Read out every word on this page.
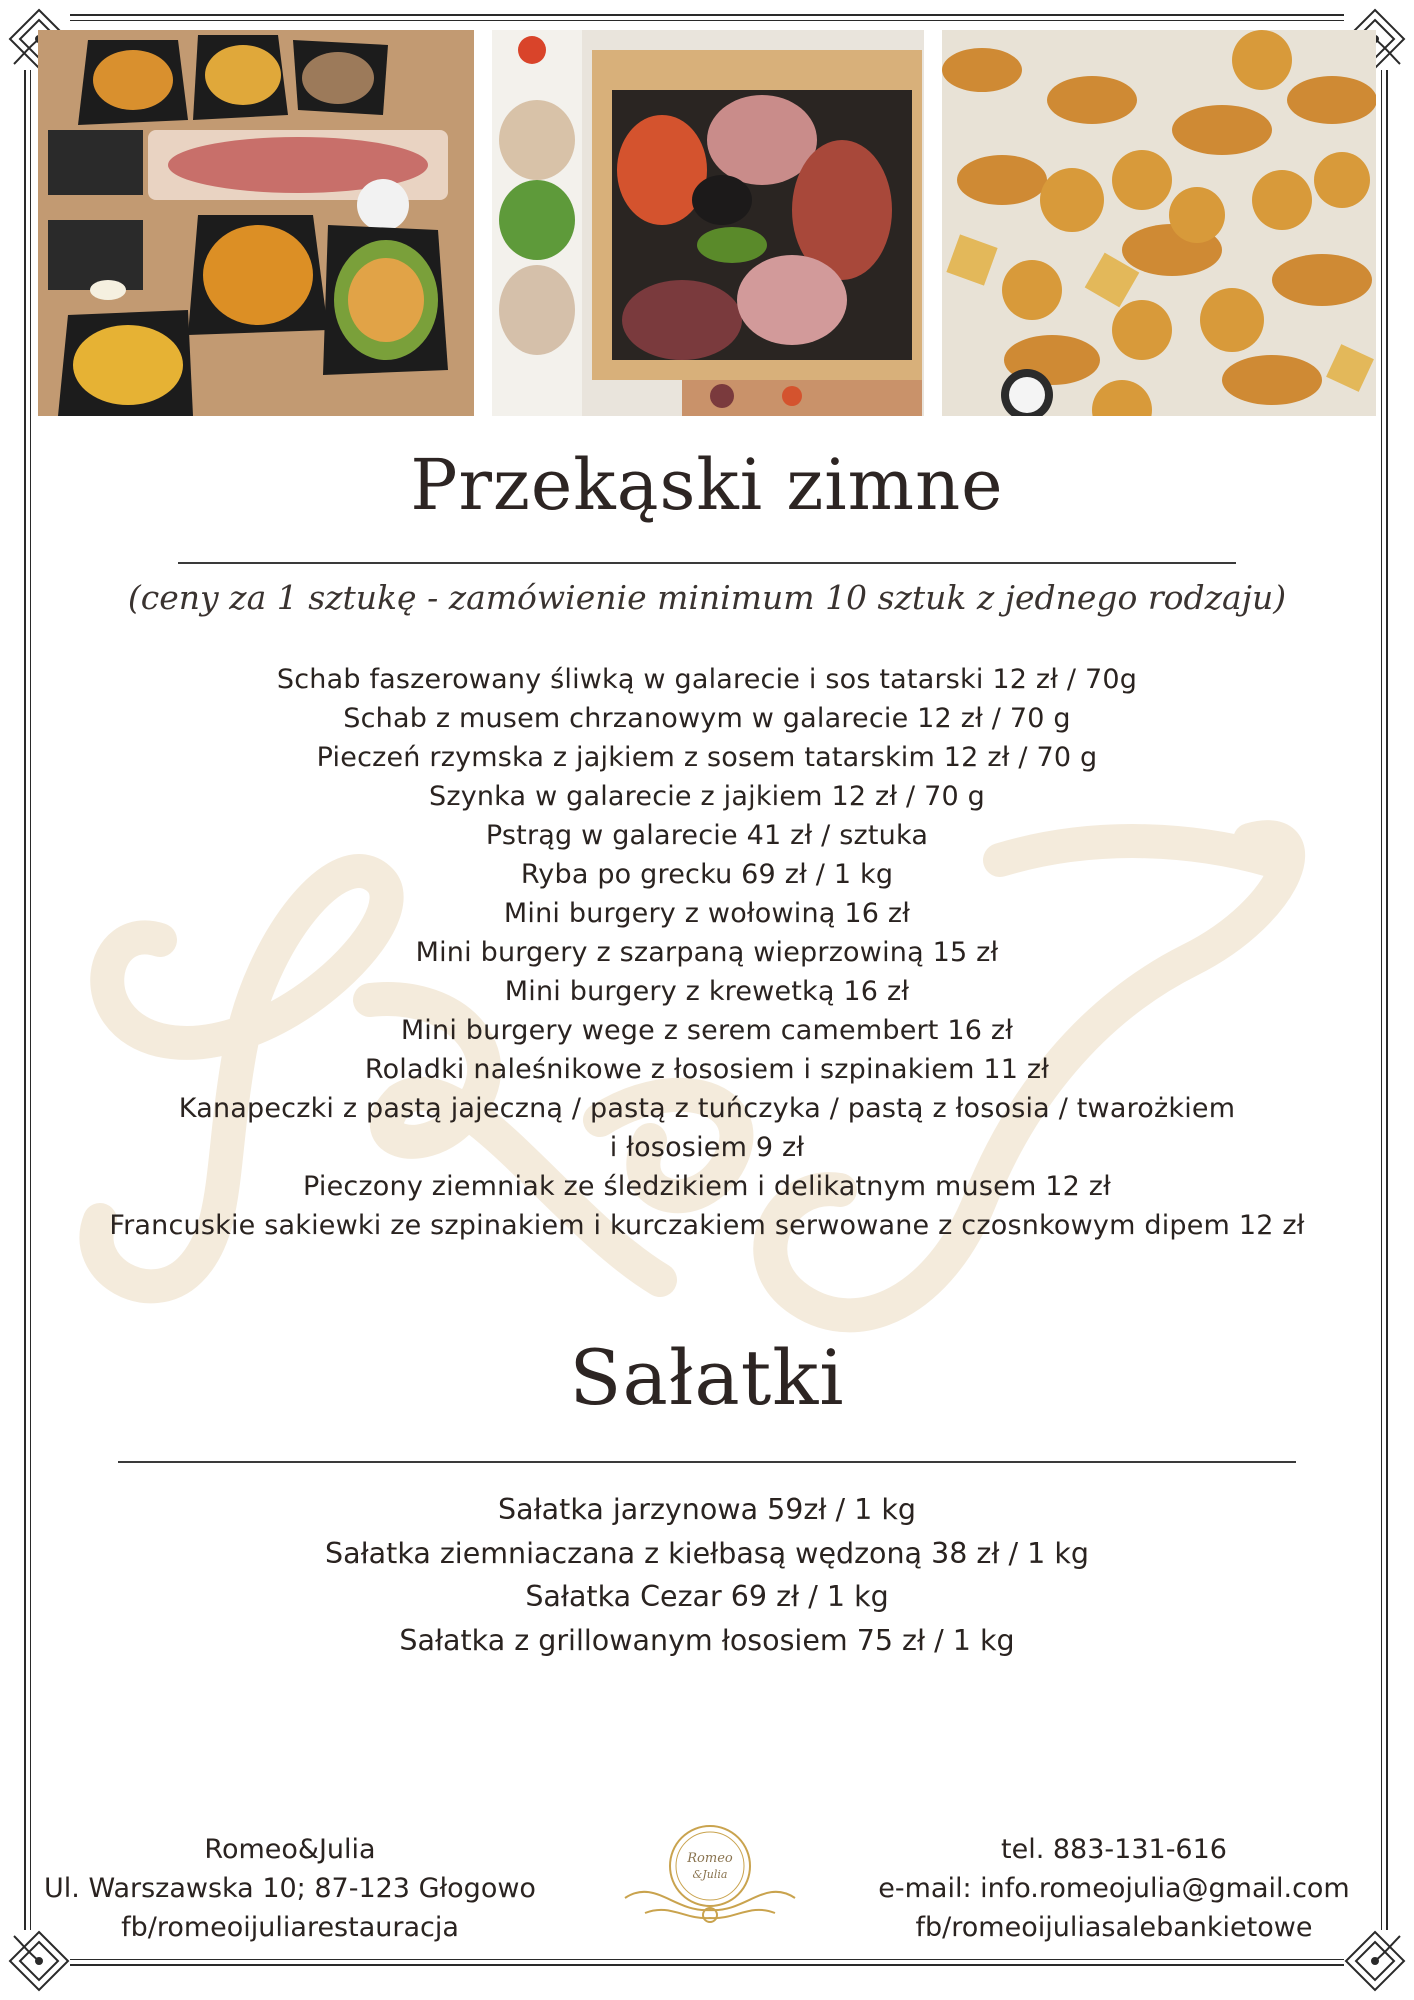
Przekąski zimne
(ceny za 1 sztukę - zamówienie minimum 10 sztuk z jednego rodzaju)
Schab faszerowany śliwką w galarecie i sos tatarski 12 zł / 70g
Schab z musem chrzanowym w galarecie 12 zł / 70 g
Pieczeń rzymska z jajkiem z sosem tatarskim 12 zł / 70 g
Szynka w galarecie z jajkiem 12 zł / 70 g
Pstrąg w galarecie 41 zł / sztuka
Ryba po grecku 69 zł / 1 kg
Mini burgery z wołowiną 16 zł
Mini burgery z szarpaną wieprzowiną 15 zł
Mini burgery z krewetką 16 zł
Mini burgery wege z serem camembert 16 zł
Roladki naleśnikowe z łososiem i szpinakiem 11 zł
Kanapeczki z pastą jajeczną / pastą z tuńczyka / pastą z łososia / twarożkiem
i łososiem 9 zł
Pieczony ziemniak ze śledzikiem i delikatnym musem 12 zł
Francuskie sakiewki ze szpinakiem i kurczakiem serwowane z czosnkowym dipem 12 zł
Sałatki
Sałatka jarzynowa 59zł / 1 kg
Sałatka ziemniaczana z kiełbasą wędzoną 38 zł / 1 kg
Sałatka Cezar 69 zł / 1 kg
Sałatka z grillowanym łososiem 75 zł / 1 kg
Romeo&Julia
Ul. Warszawska 10; 87-123 Głogowo
fb/romeoijuliarestauracja
Romeo
&Julia
tel. 883-131-616
e-mail: info.romeojulia@gmail.com
fb/romeoijuliasalebankietowe
